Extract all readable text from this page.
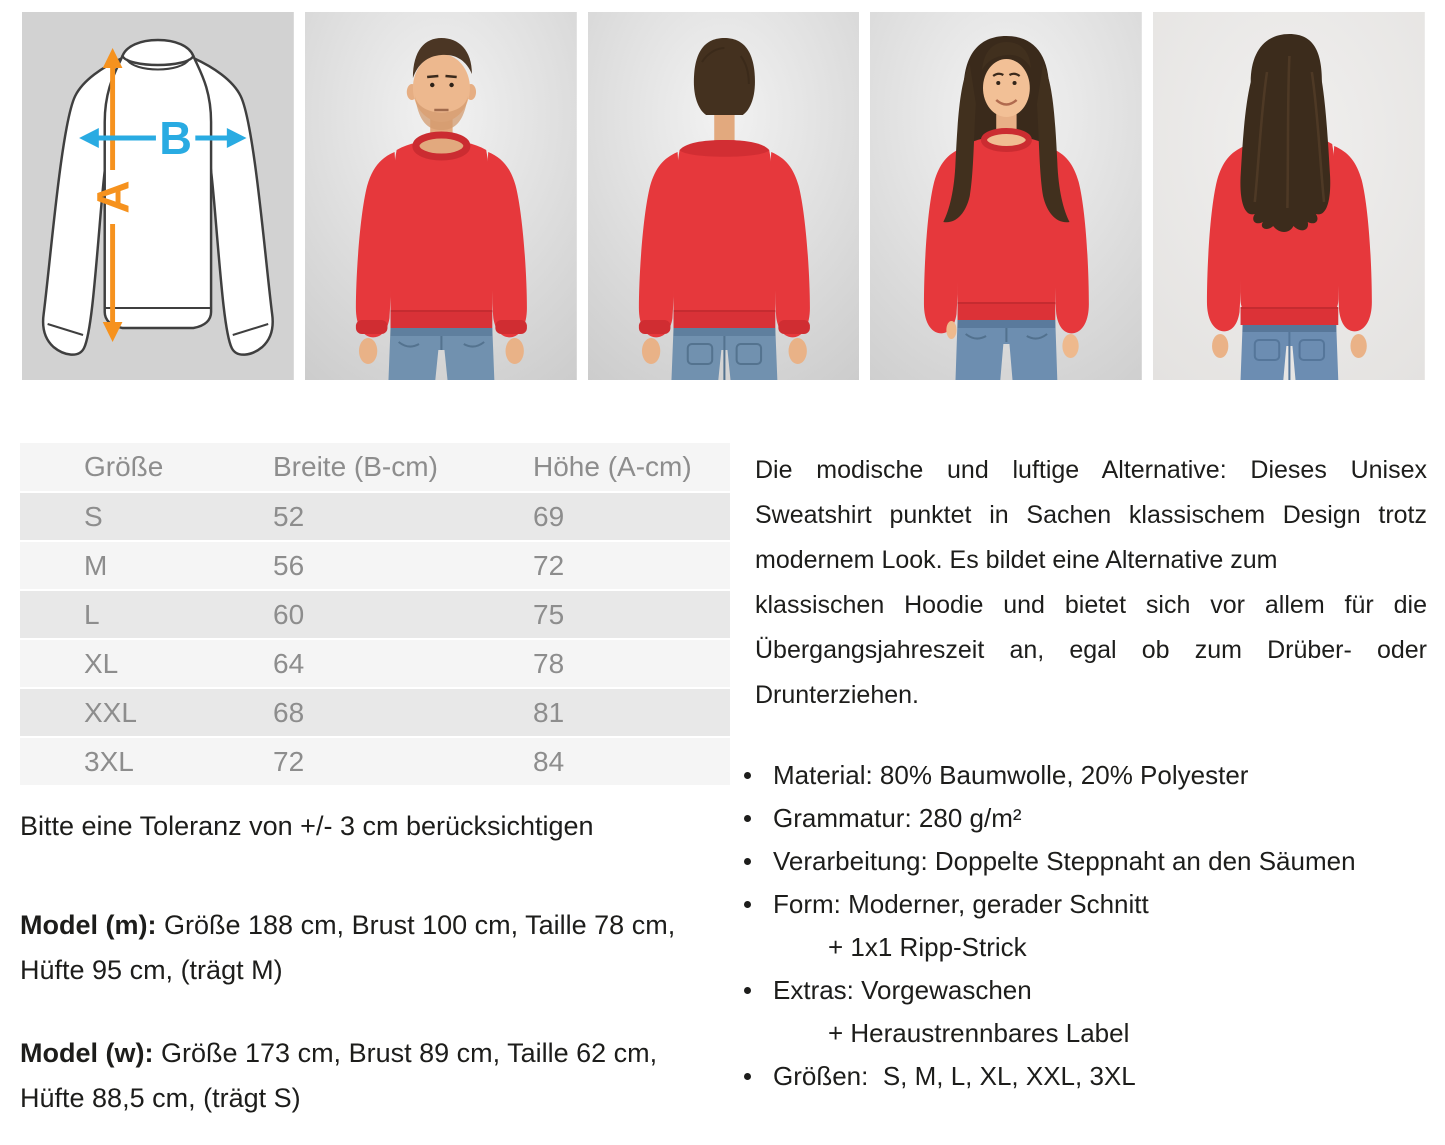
A
B
Größe	Breite (B-cm)	Höhe (A-cm)
S	52	69
M	56	72
L	60	75
XL	64	78
XXL	68	81
3XL	72	84

Bitte eine Toleranz von +/- 3 cm berücksichtigen

Model (m): Größe 188 cm, Brust 100 cm, Taille 78 cm, Hüfte 95 cm, (trägt M)

Model (w): Größe 173 cm, Brust 89 cm, Taille 62 cm, Hüfte 88,5 cm, (trägt S)

Die modische und luftige Alternative: Dieses Unisex
Sweatshirt punktet in Sachen klassischem Design trotz
modernem Look. Es bildet eine Alternative zum
klassischen Hoodie und bietet sich vor allem für die
Übergangsjahreszeit an, egal ob zum Drüber- oder
Drunterziehen.
Material: 80% Baumwolle, 20% Polyester
Grammatur: 280 g/m²
Verarbeitung: Doppelte Steppnaht an den Säumen
Form: Moderner, gerader Schnitt
+ 1x1 Ripp-Strick
Extras: Vorgewaschen
+ Heraustrennbares Label
Größen:  S, M, L, XL, XXL, 3XL
